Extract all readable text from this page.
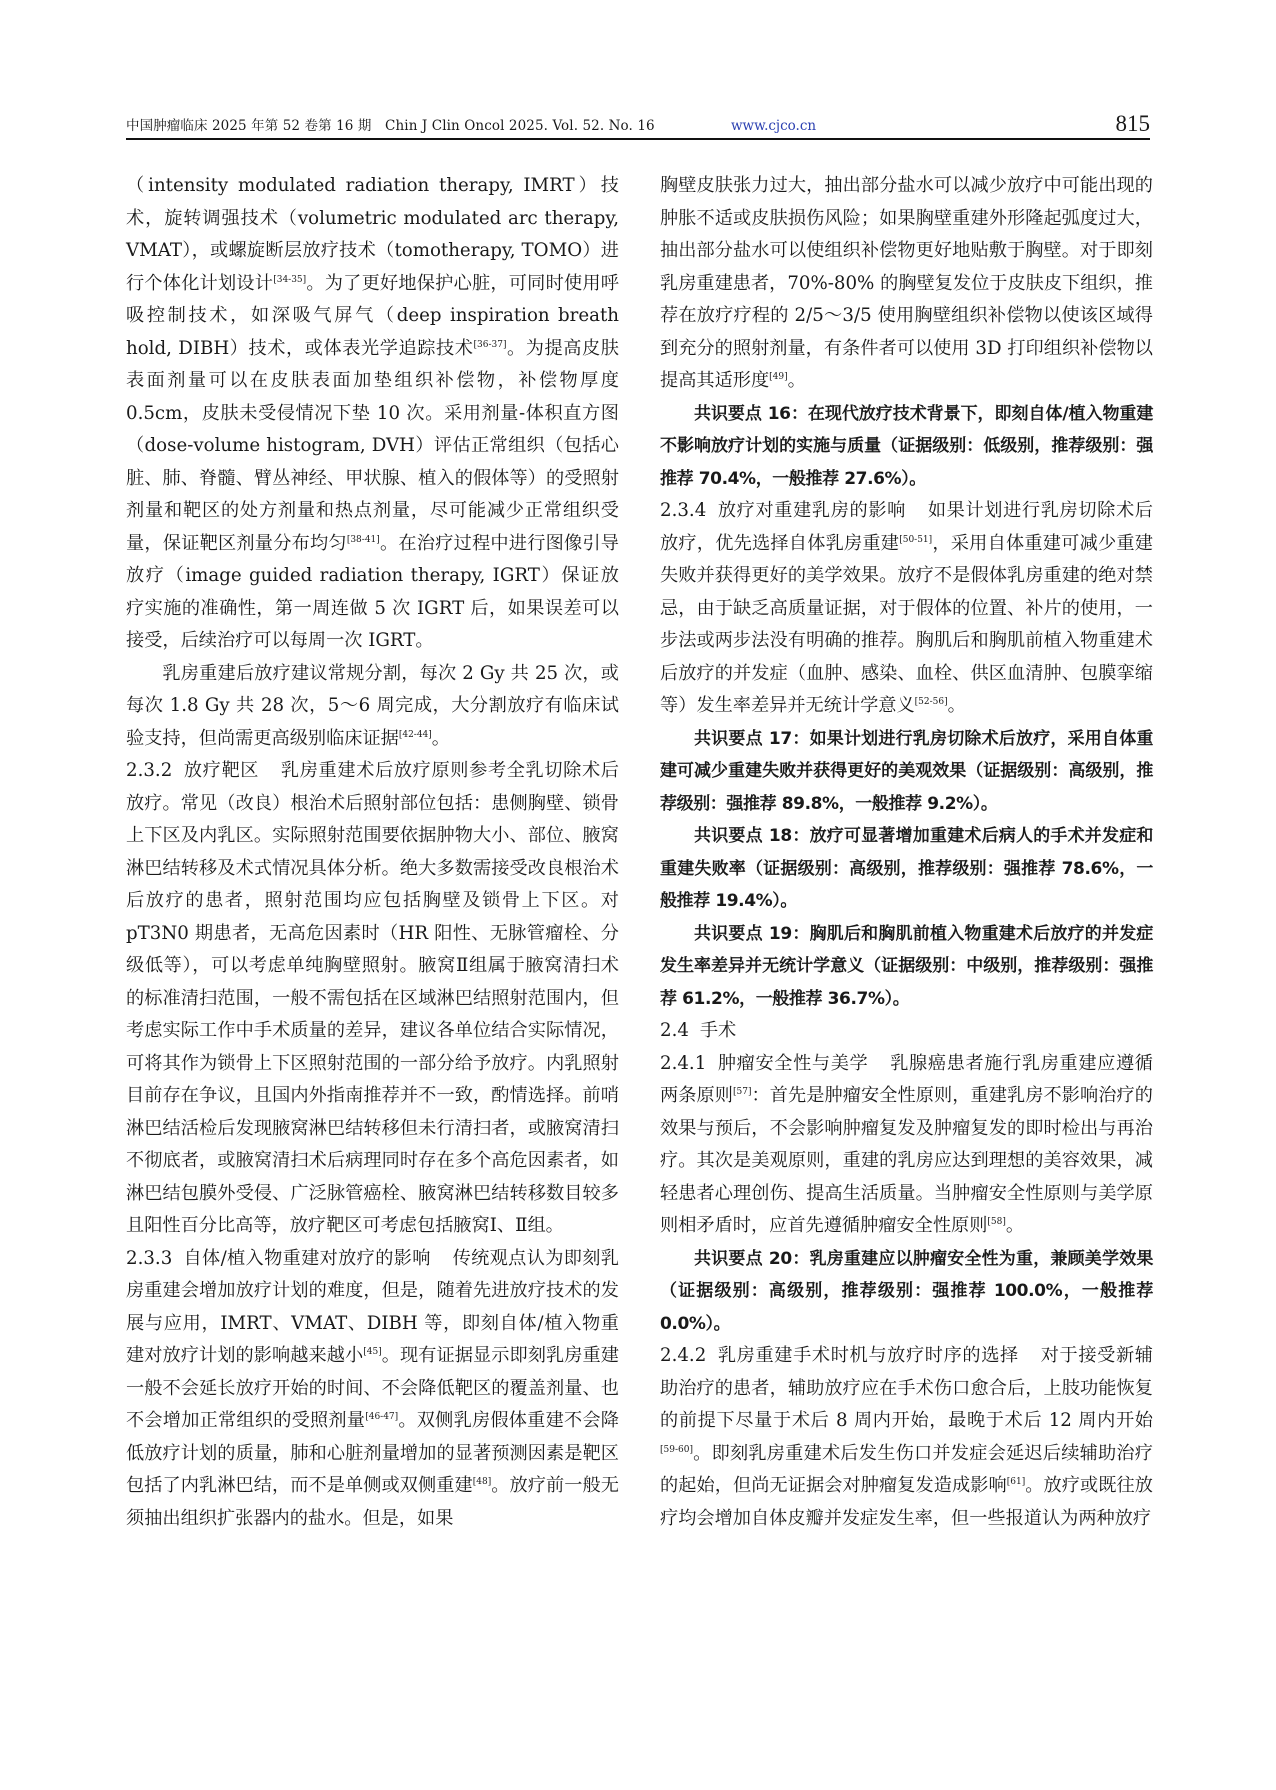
中国肿瘤临床 2025 年第 52 卷第 16 期　Chin J Clin Oncol 2025. Vol. 52. No. 16	www.cjco.cn	815

（intensity modulated radiation therapy, IMRT）技术，旋转调强技术（volumetric modulated arc therapy, VMAT），或螺旋断层放疗技术（tomotherapy, TOMO）进行个体化计划设计[34-35]。为了更好地保护心脏，可同时使用呼吸控制技术，如深吸气屏气（deep inspiration breath hold, DIBH）技术，或体表光学追踪技术[36-37]。为提高皮肤表面剂量可以在皮肤表面加垫组织补偿物，补偿物厚度 0.5cm，皮肤未受侵情况下垫 10 次。采用剂量-体积直方图（dose-volume histogram, DVH）评估正常组织（包括心脏、肺、脊髓、臂丛神经、甲状腺、植入的假体等）的受照射剂量和靶区的处方剂量和热点剂量，尽可能减少正常组织受量，保证靶区剂量分布均匀[38-41]。在治疗过程中进行图像引导放疗（image guided radiation therapy, IGRT）保证放疗实施的准确性，第一周连做 5 次 IGRT 后，如果误差可以接受，后续治疗可以每周一次 IGRT。

乳房重建后放疗建议常规分割，每次 2 Gy 共 25 次，或每次 1.8 Gy 共 28 次，5～6 周完成，大分割放疗有临床试验支持，但尚需更高级别临床证据[42-44]。

2.3.2 放疗靶区 乳房重建术后放疗原则参考全乳切除术后放疗。常见（改良）根治术后照射部位包括：患侧胸壁、锁骨上下区及内乳区。实际照射范围要依据肿物大小、部位、腋窝淋巴结转移及术式情况具体分析。绝大多数需接受改良根治术后放疗的患者，照射范围均应包括胸壁及锁骨上下区。对 pT3N0 期患者，无高危因素时（HR 阳性、无脉管瘤栓、分级低等），可以考虑单纯胸壁照射。腋窝Ⅱ组属于腋窝清扫术的标准清扫范围，一般不需包括在区域淋巴结照射范围内，但考虑实际工作中手术质量的差异，建议各单位结合实际情况，可将其作为锁骨上下区照射范围的一部分给予放疗。内乳照射目前存在争议，且国内外指南推荐并不一致，酌情选择。前哨淋巴结活检后发现腋窝淋巴结转移但未行清扫者，或腋窝清扫不彻底者，或腋窝清扫术后病理同时存在多个高危因素者，如淋巴结包膜外受侵、广泛脉管癌栓、腋窝淋巴结转移数目较多且阳性百分比高等，放疗靶区可考虑包括腋窝Ⅰ、Ⅱ组。

2.3.3 自体/植入物重建对放疗的影响 传统观点认为即刻乳房重建会增加放疗计划的难度，但是，随着先进放疗技术的发展与应用，IMRT、VMAT、DIBH 等，即刻自体/植入物重建对放疗计划的影响越来越小[45]。现有证据显示即刻乳房重建一般不会延长放疗开始的时间、不会降低靶区的覆盖剂量、也不会增加正常组织的受照剂量[46-47]。双侧乳房假体重建不会降低放疗计划的质量，肺和心脏剂量增加的显著预测因素是靶区包括了内乳淋巴结，而不是单侧或双侧重建[48]。放疗前一般无须抽出组织扩张器内的盐水。但是，如果

胸壁皮肤张力过大，抽出部分盐水可以减少放疗中可能出现的肿胀不适或皮肤损伤风险；如果胸壁重建外形隆起弧度过大，抽出部分盐水可以使组织补偿物更好地贴敷于胸壁。对于即刻乳房重建患者，70%-80% 的胸壁复发位于皮肤皮下组织，推荐在放疗疗程的 2/5～3/5 使用胸壁组织补偿物以使该区域得到充分的照射剂量，有条件者可以使用 3D 打印组织补偿物以提高其适形度[49]。

共识要点 16：在现代放疗技术背景下，即刻自体/植入物重建不影响放疗计划的实施与质量（证据级别：低级别，推荐级别：强推荐 70.4%，一般推荐 27.6%）。

2.3.4 放疗对重建乳房的影响 如果计划进行乳房切除术后放疗，优先选择自体乳房重建[50-51]，采用自体重建可减少重建失败并获得更好的美学效果。放疗不是假体乳房重建的绝对禁忌，由于缺乏高质量证据，对于假体的位置、补片的使用，一步法或两步法没有明确的推荐。胸肌后和胸肌前植入物重建术后放疗的并发症（血肿、感染、血栓、供区血清肿、包膜挛缩等）发生率差异并无统计学意义[52-56]。

共识要点 17：如果计划进行乳房切除术后放疗，采用自体重建可减少重建失败并获得更好的美观效果（证据级别：高级别，推荐级别：强推荐 89.8%，一般推荐 9.2%）。

共识要点 18：放疗可显著增加重建术后病人的手术并发症和重建失败率（证据级别：高级别，推荐级别：强推荐 78.6%，一般推荐 19.4%）。

共识要点 19：胸肌后和胸肌前植入物重建术后放疗的并发症发生率差异并无统计学意义（证据级别：中级别，推荐级别：强推荐 61.2%，一般推荐 36.7%）。

2.4 手术

2.4.1 肿瘤安全性与美学 乳腺癌患者施行乳房重建应遵循两条原则[57]：首先是肿瘤安全性原则，重建乳房不影响治疗的效果与预后，不会影响肿瘤复发及肿瘤复发的即时检出与再治疗。其次是美观原则，重建的乳房应达到理想的美容效果，减轻患者心理创伤、提高生活质量。当肿瘤安全性原则与美学原则相矛盾时，应首先遵循肿瘤安全性原则[58]。

共识要点 20：乳房重建应以肿瘤安全性为重，兼顾美学效果（证据级别：高级别，推荐级别：强推荐 100.0%，一般推荐 0.0%）。

2.4.2 乳房重建手术时机与放疗时序的选择 对于接受新辅助治疗的患者，辅助放疗应在手术伤口愈合后，上肢功能恢复的前提下尽量于术后 8 周内开始，最晚于术后 12 周内开始[59-60]。即刻乳房重建术后发生伤口并发症会延迟后续辅助治疗的起始，但尚无证据会对肿瘤复发造成影响[61]。放疗或既往放疗均会增加自体皮瓣并发症发生率，但一些报道认为两种放疗
